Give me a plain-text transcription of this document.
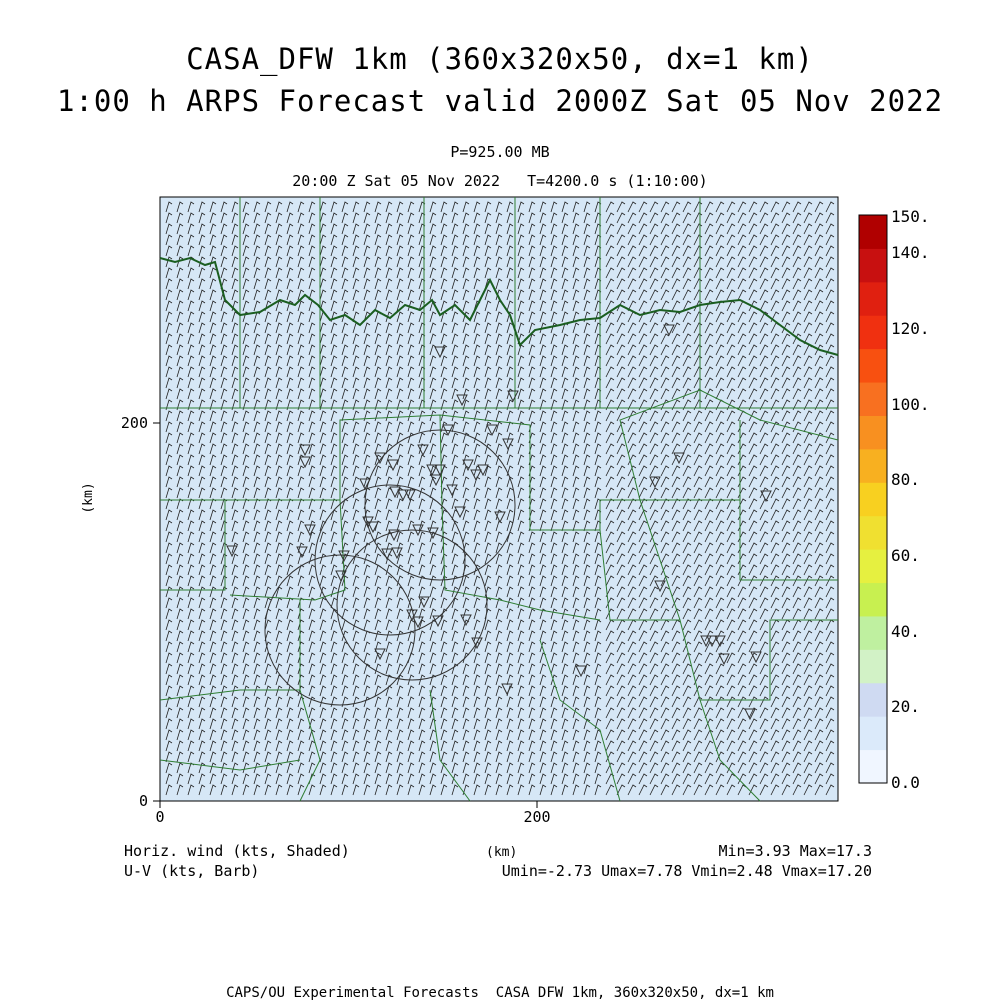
CASA_DFW 1km (360x320x50, dx=1 km)
1:00 h ARPS Forecast valid 2000Z Sat 05 Nov 2022
P=925.00 MB
20:00 Z Sat 05 Nov 2022   T=4200.0 s (1:10:00)
0	200
0
200
(km)
150.
140.
120.
100.
80.
60.
40.
20.
0.0
Horiz. wind (kts, Shaded)
U-V (kts, Barb)
(km)	Min=3.93 Max=17.3
Umin=-2.73 Umax=7.78 Vmin=2.48 Vmax=17.20
CAPS/OU Experimental Forecasts  CASA DFW 1km, 360x320x50, dx=1 km
